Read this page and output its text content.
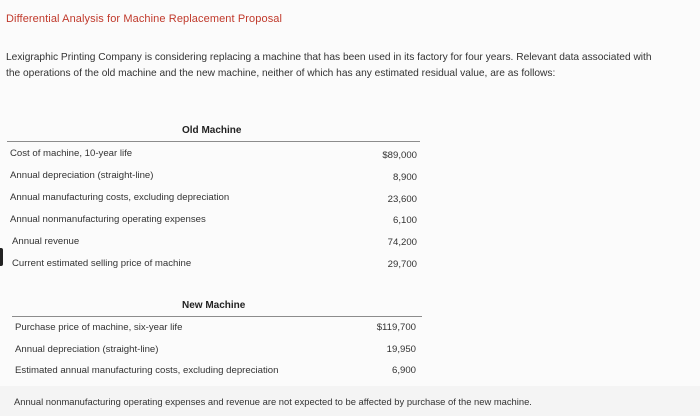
Differential Analysis for Machine Replacement Proposal
Lexigraphic Printing Company is considering replacing a machine that has been used in its factory for four years. Relevant data associated with the operations of the old machine and the new machine, neither of which has any estimated residual value, are as follows:
Old Machine
Cost of machine, 10-year life	$89,000
Annual depreciation (straight-line)	8,900
Annual manufacturing costs, excluding depreciation	23,600
Annual nonmanufacturing operating expenses	6,100
Annual revenue	74,200
Current estimated selling price of machine	29,700
New Machine
Purchase price of machine, six-year life	$119,700
Annual depreciation (straight-line)	19,950
Estimated annual manufacturing costs, excluding depreciation	6,900
Annual nonmanufacturing operating expenses and revenue are not expected to be affected by purchase of the new machine.
